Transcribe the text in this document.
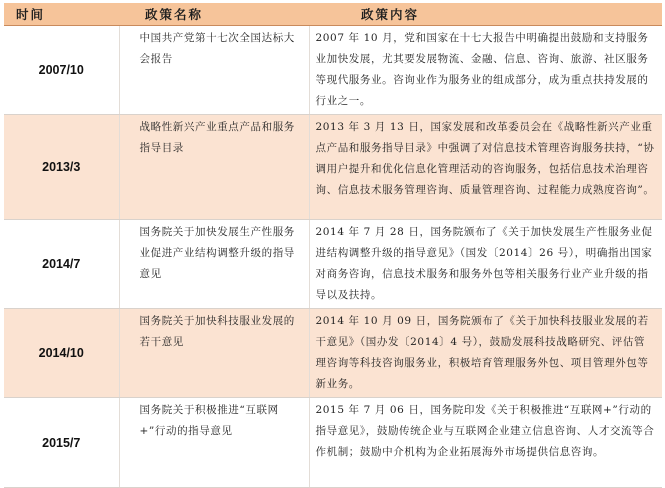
时间	政策名称	政策内容
2007/10	中国共产党第十七次全国达标大会报告	2007 年 10 月，党和国家在十七大报告中明确提出鼓励和支持服务业加快发展，尤其要发展物流、金融、信息、咨询、旅游、社区服务等现代服务业。咨询业作为服务业的组成部分，成为重点扶持发展的行业之一。
2013/3	战略性新兴产业重点产品和服务指导目录	2013 年 3 月 13 日，国家发展和改革委员会在《战略性新兴产业重点产品和服务指导目录》中强调了对信息技术管理咨询服务扶持，“协调用户提升和优化信息化管理活动的咨询服务，包括信息技术治理咨询、信息技术服务管理咨询、质量管理咨询、过程能力成熟度咨询”。
2014/7	国务院关于加快发展生产性服务业促进产业结构调整升级的指导意见	2014 年 7 月 28 日，国务院颁布了《关于加快发展生产性服务业促进结构调整升级的指导意见》（国发〔2014〕26 号），明确指出国家对商务咨询，信息技术服务和服务外包等相关服务行业产业升级的指导以及扶持。
2014/10	国务院关于加快科技服业发展的若干意见	2014 年 10 月 09 日，国务院颁布了《关于加快科技服业发展的若干意见》（国办发〔2014〕4 号），鼓励发展科技战略研究、评估管理咨询等科技咨询服务业，积极培育管理服务外包、项目管理外包等新业务。
2015/7	国务院关于积极推进“互联网+”行动的指导意见	2015 年 7 月 06 日，国务院印发《关于积极推进“互联网+”行动的指导意见》，鼓励传统企业与互联网企业建立信息咨询、人才交流等合作机制；鼓励中介机构为企业拓展海外市场提供信息咨询。
